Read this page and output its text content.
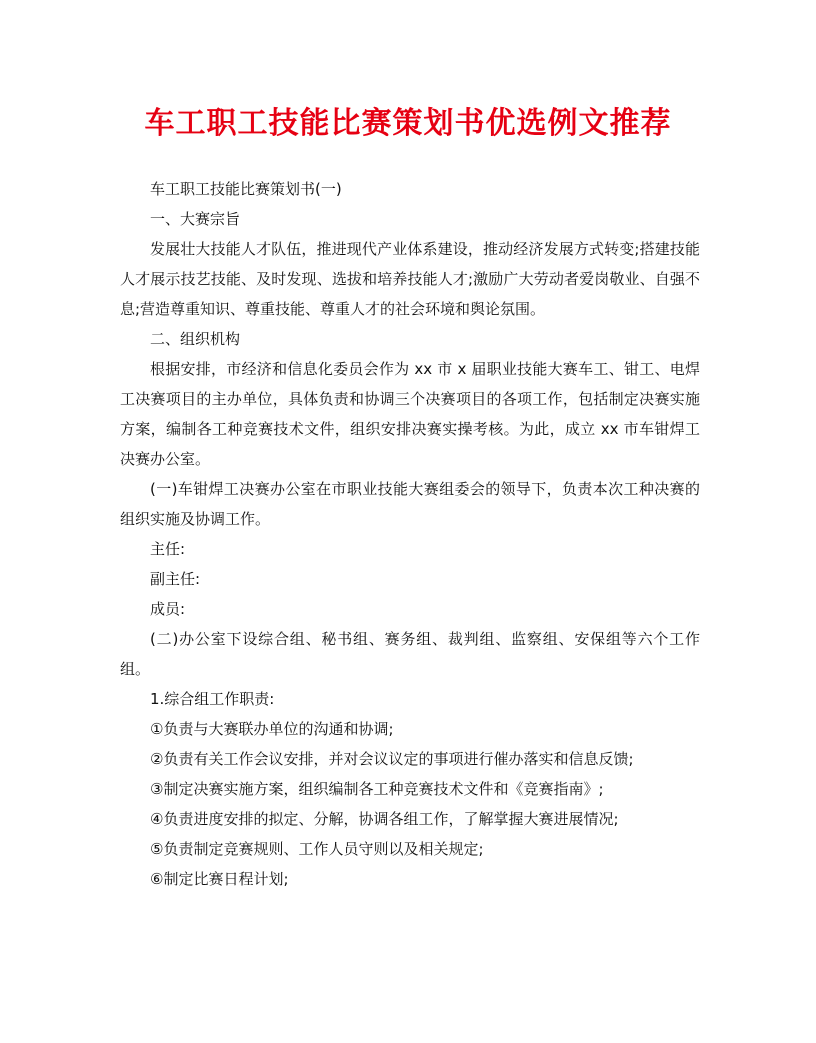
车工职工技能比赛策划书优选例文推荐

车工职工技能比赛策划书(一)

一、大赛宗旨

发展壮大技能人才队伍，推进现代产业体系建设，推动经济发展方式转变;搭建技能人才展示技艺技能、及时发现、选拔和培养技能人才;激励广大劳动者爱岗敬业、自强不息;营造尊重知识、尊重技能、尊重人才的社会环境和舆论氛围。

二、组织机构

根据安排，市经济和信息化委员会作为 xx 市 x 届职业技能大赛车工、钳工、电焊工决赛项目的主办单位，具体负责和协调三个决赛项目的各项工作，包括制定决赛实施方案，编制各工种竞赛技术文件，组织安排决赛实操考核。为此，成立 xx 市车钳焊工决赛办公室。

(一)车钳焊工决赛办公室在市职业技能大赛组委会的领导下，负责本次工种决赛的组织实施及协调工作。

主任:

副主任:

成员:

(二)办公室下设综合组、秘书组、赛务组、裁判组、监察组、安保组等六个工作组。

1.综合组工作职责:

①负责与大赛联办单位的沟通和协调;

②负责有关工作会议安排，并对会议议定的事项进行催办落实和信息反馈;

③制定决赛实施方案，组织编制各工种竞赛技术文件和《竞赛指南》;

④负责进度安排的拟定、分解，协调各组工作，了解掌握大赛进展情况;

⑤负责制定竞赛规则、工作人员守则以及相关规定;

⑥制定比赛日程计划;
